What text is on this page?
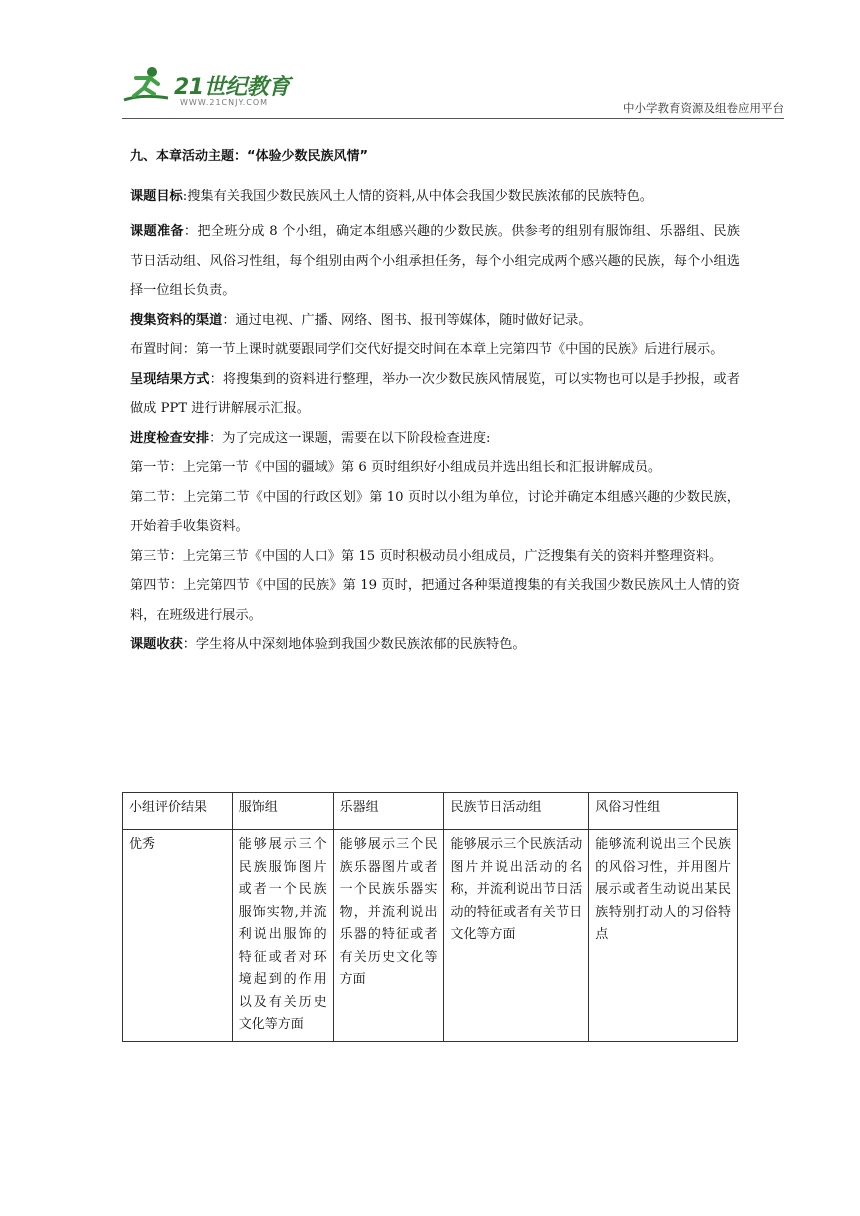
21世纪教育
WWW.21CNJY.COM	中小学教育资源及组卷应用平台

九、本章活动主题：“体验少数民族风情”

课题目标:搜集有关我国少数民族风土人情的资料,从中体会我国少数民族浓郁的民族特色。

课题准备：把全班分成 8 个小组，确定本组感兴趣的少数民族。供参考的组别有服饰组、乐器组、民族节日活动组、风俗习性组，每个组别由两个小组承担任务，每个小组完成两个感兴趣的民族，每个小组选择一位组长负责。

搜集资料的渠道：通过电视、广播、网络、图书、报刊等媒体，随时做好记录。

布置时间：第一节上课时就要跟同学们交代好提交时间在本章上完第四节《中国的民族》后进行展示。

呈现结果方式：将搜集到的资料进行整理，举办一次少数民族风情展览，可以实物也可以是手抄报，或者做成 PPT 进行讲解展示汇报。

进度检查安排：为了完成这一课题，需要在以下阶段检查进度:

第一节：上完第一节《中国的疆域》第 6 页时组织好小组成员并选出组长和汇报讲解成员。

第二节：上完第二节《中国的行政区划》第 10 页时以小组为单位，讨论并确定本组感兴趣的少数民族，开始着手收集资料。

第三节：上完第三节《中国的人口》第 15 页时积极动员小组成员，广泛搜集有关的资料并整理资料。

第四节：上完第四节《中国的民族》第 19 页时，把通过各种渠道搜集的有关我国少数民族风土人情的资料，在班级进行展示。

课题收获：学生将从中深刻地体验到我国少数民族浓郁的民族特色。

小组评价结果	服饰组	乐器组	民族节日活动组	风俗习性组
优秀	能够展示三个民族服饰图片或者一个民族服饰实物,并流利说出服饰的特征或者对环境起到的作用以及有关历史文化等方面	能够展示三个民族乐器图片或者一个民族乐器实物，并流利说出乐器的特征或者有关历史文化等方面	能够展示三个民族活动图片并说出活动的名称，并流利说出节日活动的特征或者有关节日文化等方面	能够流利说出三个民族的风俗习性，并用图片展示或者生动说出某民族特别打动人的习俗特点
